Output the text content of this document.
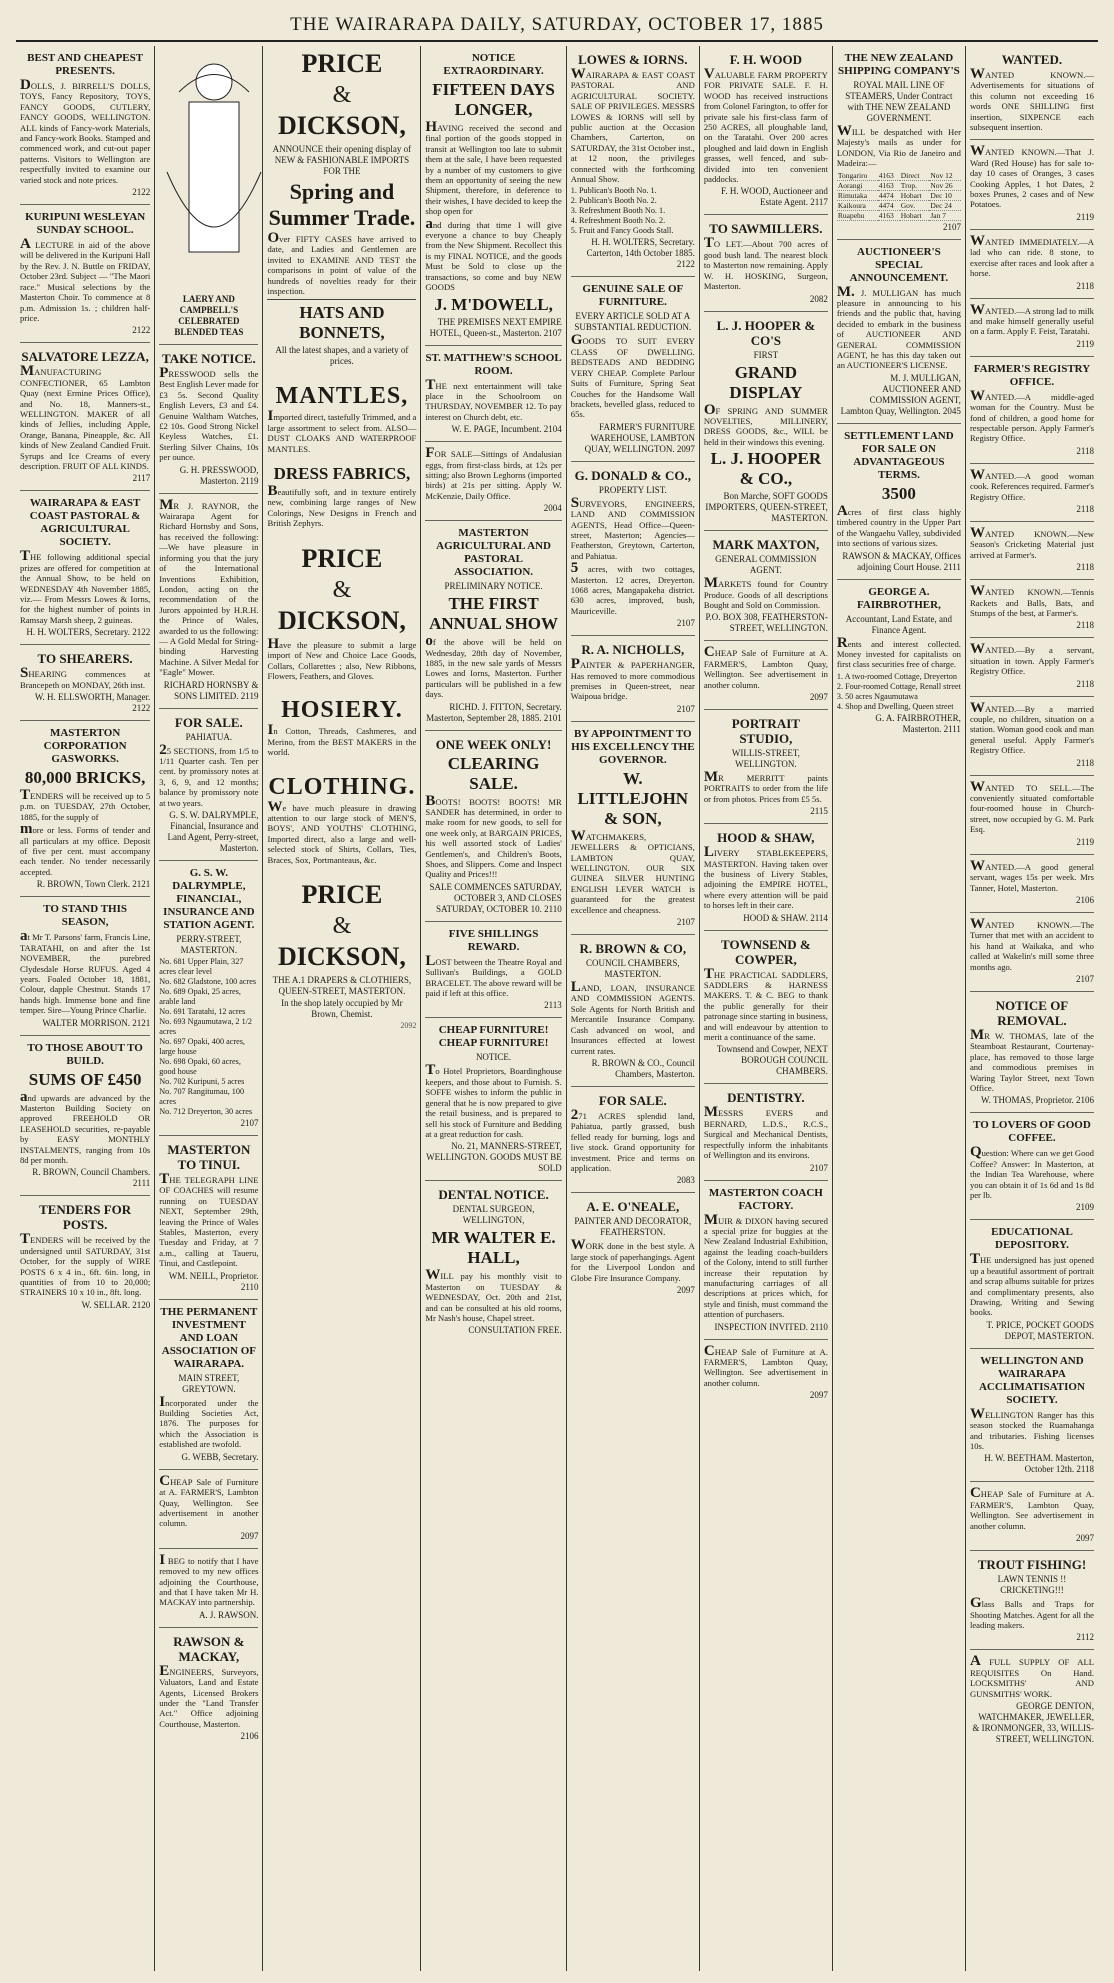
THE WAIRARAPA DAILY, SATURDAY, OCTOBER 17, 1885
BEST AND CHEAPEST PRESENTS.
DOLLS, J. BIRRELL'S DOLLS, TOYS, Fancy Repository, TOYS, FANCY GOODS, CUTLERY, FANCY GOODS, WELLINGTON. ALL kinds of Fancy-work Materials, and Fancy-work Books. Stamped and commenced work, and cut-out paper patterns. Visitors to Wellington are respectfully invited to examine our varied stock and note prices.
2122
KURIPUNI WESLEYAN SUNDAY SCHOOL.
A LECTURE in aid of the above will be delivered in the Kuripuni Hall by the Rev. J. N. Buttle on FRIDAY, October 23rd. Subject — "The Maori race." Musical selections by the Masterton Choir. To commence at 8 p.m. Admission 1s. ; children half-price.
2122
SALVATORE LEZZA,
MANUFACTURING CONFECTIONER, 65 Lambton Quay (next Ermine Prices Office), and No. 18, Manners-st., WELLINGTON. MAKER of all kinds of Jellies, including Apple, Orange, Banana, Pineapple, &c. All kinds of New Zealand Candied Fruit. Syrups and Ice Creams of every description. FRUIT OF ALL KINDS.
2117
WAIRARAPA & EAST COAST PASTORAL & AGRICULTURAL SOCIETY.
THE following additional special prizes are offered for competition at the Annual Show, to be held on WEDNESDAY 4th November 1885, viz.— From Messrs Lowes & Iorns, for the highest number of points in Ramsay Marsh sheep, 2 guineas.
H. H. WOLTERS, Secretary. 2122
TO SHEARERS.
SHEARING commences at Brancepeth on MONDAY, 26th inst.
W. H. ELLSWORTH, Manager. 2122
MASTERTON CORPORATION GASWORKS.
80,000 BRICKS,
TENDERS will be received up to 5 p.m. on TUESDAY, 27th October, 1885, for the supply of
more or less. Forms of tender and all particulars at my office. Deposit of five per cent. must accompany each tender. No tender necessarily accepted.
R. BROWN, Town Clerk. 2121
TO STAND THIS SEASON,
at Mr T. Parsons' farm, Francis Line, TARATAHI, on and after the 1st NOVEMBER, the purebred Clydesdale Horse RUFUS. Aged 4 years. Foaled October 18, 1881, Colour, dapple Chestnut. Stands 17 hands high. Immense bone and fine temper. Sire—Young Prince Charlie.
WALTER MORRISON. 2121
TO THOSE ABOUT TO BUILD.
SUMS OF £450
and upwards are advanced by the Masterton Building Society on approved FREEHOLD OR LEASEHOLD securities, re-payable by EASY MONTHLY INSTALMENTS, ranging from 10s 8d per month.
R. BROWN, Council Chambers. 2111
TENDERS FOR POSTS.
TENDERS will be received by the undersigned until SATURDAY, 31st October, for the supply of WIRE POSTS 6 x 4 in., 6ft. 6in. long, in quantities of from 10 to 20,000; STRAINERS 10 x 10 in., 8ft. long.
W. SELLAR. 2120
LAERY AND CAMPBELL'S CELEBRATED BLENDED TEAS
TAKE NOTICE.
PRESSWOOD sells the Best English Lever made for £3 5s. Second Quality English Levers, £3 and £4. Genuine Waltham Watches, £2 10s. Good Strong Nickel Keyless Watches, £1. Sterling Silver Chains, 10s per ounce.
G. H. PRESSWOOD, Masterton. 2119
MR J. RAYNOR, the Wairarapa Agent for Richard Hornsby and Sons, has received the following:—We have pleasure in informing you that the jury of the International Inventions Exhibition, London, acting on the recommendation of the Jurors appointed by H.R.H. the Prince of Wales, awarded to us the following:— A Gold Medal for String-binding Harvesting Machine. A Silver Medal for "Eagle" Mower.
RICHARD HORNSBY & SONS LIMITED. 2119
FOR SALE.
PAHIATUA.
25 SECTIONS, from 1/5 to 1/11 Quarter cash. Ten per cent. by promissory notes at 3, 6, 9, and 12 months; balance by promissory note at two years.
G. S. W. DALRYMPLE, Financial, Insurance and Land Agent, Perry-street, Masterton.
G. S. W. DALRYMPLE, FINANCIAL, INSURANCE AND STATION AGENT.
PERRY-STREET, MASTERTON.
No. 681 Upper Plain, 327 acres clear level
No. 682 Gladstone, 100 acres
No. 689 Opaki, 25 acres, arable land
No. 691 Taratahi, 12 acres
No. 693 Ngaumutawa, 2 1/2 acres
No. 697 Opaki, 400 acres, large house
No. 698 Opaki, 60 acres, good house
No. 702 Kuripuni, 5 acres
No. 707 Rangitumau, 100 acres
No. 712 Dreyerton, 30 acres
2107
MASTERTON TO TINUI.
THE TELEGRAPH LINE OF COACHES will resume running on TUESDAY NEXT, September 29th, leaving the Prince of Wales Stables, Masterton, every Tuesday and Friday, at 7 a.m., calling at Taueru, Tinui, and Castlepoint.
WM. NEILL, Proprietor. 2110
THE PERMANENT INVESTMENT AND LOAN ASSOCIATION OF WAIRARAPA.
MAIN STREET, GREYTOWN.
Incorporated under the Building Societies Act, 1876. The purposes for which the Association is established are twofold.
G. WEBB, Secretary.
CHEAP Sale of Furniture at A. FARMER'S, Lambton Quay, Wellington. See advertisement in another column.
2097
I BEG to notify that I have removed to my new offices adjoining the Courthouse, and that I have taken Mr H. MACKAY into partnership.
A. J. RAWSON.
RAWSON & MACKAY,
ENGINEERS, Surveyors, Valuators, Land and Estate Agents, Licensed Brokers under the "Land Transfer Act." Office adjoining Courthouse, Masterton.
2106
PRICE
&
DICKSON,
ANNOUNCE their opening display of NEW & FASHIONABLE IMPORTS FOR THE
Spring and Summer Trade.
Over FIFTY CASES have arrived to date, and Ladies and Gentlemen are invited to EXAMINE AND TEST the comparisons in point of value of the hundreds of novelties ready for their inspection.
HATS AND BONNETS,
All the latest shapes, and a variety of prices.
MANTLES,
Imported direct, tastefully Trimmed, and a large assortment to select from. ALSO— DUST CLOAKS AND WATERPROOF MANTLES.
DRESS FABRICS,
Beautifully soft, and in texture entirely new, combining large ranges of New Colorings, New Designs in French and British Zephyrs.
PRICE
&
DICKSON,
Have the pleasure to submit a large import of New and Choice Lace Goods, Collars, Collarettes ; also, New Ribbons, Flowers, Feathers, and Gloves.
HOSIERY.
In Cotton, Threads, Cashmeres, and Merino, from the BEST MAKERS in the world.
CLOTHING.
We have much pleasure in drawing attention to our large stock of MEN'S, BOYS', AND YOUTHS' CLOTHING, Imported direct, also a large and well-selected stock of Shirts, Collars, Ties, Braces, Sox, Portmanteaus, &c.
PRICE
&
DICKSON,
THE A.1 DRAPERS & CLOTHIERS, QUEEN-STREET, MASTERTON.
In the shop lately occupied by Mr Brown, Chemist.
2092
NOTICE EXTRAORDINARY.
FIFTEEN DAYS LONGER,
HAVING received the second and final portion of the goods stopped in transit at Wellington too late to submit them at the sale, I have been requested by a number of my customers to give them an opportunity of seeing the new Shipment, therefore, in deference to their wishes, I have decided to keep the shop open for
and during that time I will give everyone a chance to buy Cheaply from the New Shipment. Recollect this is my FINAL NOTICE, and the goods Must be Sold to close up the transactions, so come and buy NEW GOODS
J. M'DOWELL,
THE PREMISES NEXT EMPIRE HOTEL, Queen-st., Masterton. 2107
ST. MATTHEW'S SCHOOL ROOM.
THE next entertainment will take place in the Schoolroom on THURSDAY, NOVEMBER 12. To pay interest on Church debt, etc.
W. E. PAGE, Incumbent. 2104
FOR SALE—Sittings of Andalusian eggs, from first-class birds, at 12s per sitting; also Brown Leghorns (imported birds) at 21s per sitting. Apply W. McKenzie, Daily Office.
2004
MASTERTON AGRICULTURAL AND PASTORAL ASSOCIATION.
PRELIMINARY NOTICE.
THE FIRST ANNUAL SHOW
of the above will be held on Wednesday, 28th day of November, 1885, in the new sale yards of Messrs Lowes and Iorns, Masterton. Further particulars will be published in a few days.
RICHD. J. FITTON, Secretary. Masterton, September 28, 1885. 2101
ONE WEEK ONLY!
CLEARING SALE.
BOOTS! BOOTS! BOOTS! MR SANDER has determined, in order to make room for new goods, to sell for one week only, at BARGAIN PRICES, his well assorted stock of Ladies' Gentlemen's, and Children's Boots, Shoes, and Slippers. Come and Inspect Quality and Prices!!!
SALE COMMENCES SATURDAY, OCTOBER 3, AND CLOSES SATURDAY, OCTOBER 10. 2110
FIVE SHILLINGS REWARD.
LOST between the Theatre Royal and Sullivan's Buildings, a GOLD BRACELET. The above reward will be paid if left at this office.
2113
CHEAP FURNITURE! CHEAP FURNITURE!
NOTICE.
To Hotel Proprietors, Boardinghouse keepers, and those about to Furnish. S. SOFFE wishes to inform the public in general that he is now prepared to give the retail business, and is prepared to sell his stock of Furniture and Bedding at a great reduction for cash.
No. 21, MANNERS-STREET, WELLINGTON. GOODS MUST BE SOLD
DENTAL NOTICE.
DENTAL SURGEON, WELLINGTON,
MR WALTER E. HALL,
WILL pay his monthly visit to Masterton on TUESDAY & WEDNESDAY, Oct. 20th and 21st, and can be consulted at his old rooms, Mr Nash's house, Chapel street.
CONSULTATION FREE.
LOWES & IORNS.
WAIRARAPA & EAST COAST PASTORAL AND AGRICULTURAL SOCIETY. SALE OF PRIVILEGES. MESSRS LOWES & IORNS will sell by public auction at the Occasion Chambers, Carterton, on SATURDAY, the 31st October inst., at 12 noon, the privileges connected with the forthcoming Annual Show.
1. Publican's Booth No. 1.
2. Publican's Booth No. 2.
3. Refreshment Booth No. 1.
4. Refreshment Booth No. 2.
5. Fruit and Fancy Goods Stall.
H. H. WOLTERS, Secretary. Carterton, 14th October 1885. 2122
GENUINE SALE OF FURNITURE.
EVERY ARTICLE SOLD AT A SUBSTANTIAL REDUCTION.
GOODS TO SUIT EVERY CLASS OF DWELLING. BEDSTEADS AND BEDDING VERY CHEAP. Complete Parlour Suits of Furniture, Spring Seat Couches for the Handsome Wall brackets, bevelled glass, reduced to 65s.
FARMER'S FURNITURE WAREHOUSE, LAMBTON QUAY, WELLINGTON. 2097
G. DONALD & CO.,
PROPERTY LIST.
SURVEYORS, ENGINEERS, LAND AND COMMISSION AGENTS, Head Office—Queen-street, Masterton; Agencies—Featherston, Greytown, Carterton, and Pahiatua.
5 acres, with two cottages, Masterton. 12 acres, Dreyerton. 1068 acres, Mangapakeha district. 630 acres, improved, bush, Mauriceville.
2107
R. A. NICHOLLS,
PAINTER & PAPERHANGER, Has removed to more commodious premises in Queen-street, near Waipoua bridge.
2107
BY APPOINTMENT TO HIS EXCELLENCY THE GOVERNOR.
W. LITTLEJOHN & SON,
WATCHMAKERS, JEWELLERS & OPTICIANS, LAMBTON QUAY, WELLINGTON. OUR SIX GUINEA SILVER HUNTING ENGLISH LEVER WATCH is guaranteed for the greatest excellence and cheapness.
2107
R. BROWN & CO,
COUNCIL CHAMBERS, MASTERTON.
LAND, LOAN, INSURANCE AND COMMISSION AGENTS. Sole Agents for North British and Mercantile Insurance Company. Cash advanced on wool, and Insurances effected at lowest current rates.
R. BROWN & CO., Council Chambers, Masterton.
FOR SALE.
271 ACRES splendid land, Pahiatua, partly grassed, bush felled ready for burning, logs and live stock. Grand opportunity for investment. Price and terms on application.
2083
A. E. O'NEALE,
PAINTER AND DECORATOR, FEATHERSTON.
WORK done in the best style. A large stock of paperhangings. Agent for the Liverpool London and Globe Fire Insurance Company.
2097
F. H. WOOD
VALUABLE FARM PROPERTY FOR PRIVATE SALE. F. H. WOOD has received instructions from Colonel Farington, to offer for private sale his first-class farm of 250 ACRES, all ploughable land, on the Taratahi. Over 200 acres ploughed and laid down in English grasses, well fenced, and sub-divided into ten convenient paddocks.
F. H. WOOD, Auctioneer and Estate Agent. 2117
TO SAWMILLERS.
TO LET.—About 700 acres of good bush land. The nearest block to Masterton now remaining. Apply W. H. HOSKING, Surgeon, Masterton.
2082
L. J. HOOPER & CO'S
FIRST
GRAND DISPLAY
OF SPRING AND SUMMER NOVELTIES, MILLINERY, DRESS GOODS, &c., WILL be held in their windows this evening.
L. J. HOOPER & CO.,
Bon Marche, SOFT GOODS IMPORTERS, QUEEN-STREET, MASTERTON.
MARK MAXTON,
GENERAL COMMISSION AGENT.
MARKETS found for Country Produce. Goods of all descriptions Bought and Sold on Commission.
P.O. BOX 308, FEATHERSTON-STREET, WELLINGTON.
CHEAP Sale of Furniture at A. FARMER'S, Lambton Quay, Wellington. See advertisement in another column.
2097
PORTRAIT STUDIO,
WILLIS-STREET, WELLINGTON.
MR MERRITT paints PORTRAITS to order from the life or from photos. Prices from £5 5s.
2115
HOOD & SHAW,
LIVERY STABLEKEEPERS, MASTERTON. Having taken over the business of Livery Stables, adjoining the EMPIRE HOTEL, where every attention will be paid to horses left in their care.
HOOD & SHAW. 2114
TOWNSEND & COWPER,
THE PRACTICAL SADDLERS, SADDLERS & HARNESS MAKERS. T. & C. BEG to thank the public generally for their patronage since starting in business, and will endeavour by attention to merit a continuance of the same.
Townsend and Cowper, NEXT BOROUGH COUNCIL CHAMBERS.
DENTISTRY.
MESSRS EVERS and BERNARD, L.D.S., R.C.S., Surgical and Mechanical Dentists, respectfully inform the inhabitants of Wellington and its environs.
2107
MASTERTON COACH FACTORY.
MUIR & DIXON having secured a special prize for buggies at the New Zealand Industrial Exhibition, against the leading coach-builders of the Colony, intend to still further increase their reputation by manufacturing carriages of all descriptions at prices which, for style and finish, must command the attention of purchasers.
INSPECTION INVITED. 2110
CHEAP Sale of Furniture at A. FARMER'S, Lambton Quay, Wellington. See advertisement in another column.
2097
THE NEW ZEALAND SHIPPING COMPANY'S
ROYAL MAIL LINE OF STEAMERS, Under Contract with THE NEW ZEALAND GOVERNMENT.
WILL be despatched with Her Majesty's mails as under for LONDON, Via Rio de Janeiro and Madeira:—
Tongariro	4163	Direct	Nov 12
Aorangi	4163	Trop.	Nov 26
Rimutaka	4474	Hobart	Dec 10
Kaikoura	4474	Gov.	Dec 24
Ruapehu	4163	Hobart	Jan 7
2107
AUCTIONEER'S SPECIAL ANNOUNCEMENT.
M. J. MULLIGAN has much pleasure in announcing to his friends and the public that, having decided to embark in the business of AUCTIONEER AND GENERAL COMMISSION AGENT, he has this day taken out an AUCTIONEER'S LICENSE.
M. J. MULLIGAN, AUCTIONEER AND COMMISSION AGENT, Lambton Quay, Wellington. 2045
SETTLEMENT LAND FOR SALE ON ADVANTAGEOUS TERMS.
3500
Acres of first class highly timbered country in the Upper Part of the Wangaehu Valley, subdivided into sections of various sizes.
RAWSON & MACKAY, Offices adjoining Court House. 2111
GEORGE A. FAIRBROTHER,
Accountant, Land Estate, and Finance Agent.
Rents and interest collected. Money invested for capitalists on first class securities free of charge.
1. A two-roomed Cottage, Dreyerton
2. Four-roomed Cottage, Renall street
3. 50 acres Ngaumutawa
4. Shop and Dwelling, Queen street
G. A. FAIRBROTHER, Masterton. 2111
WANTED.
WANTED KNOWN.—Advertisements for situations of this column not exceeding 16 words ONE SHILLING first insertion, SIXPENCE each subsequent insertion.
WANTED KNOWN.—That J. Ward (Red House) has for sale to-day 10 cases of Oranges, 3 cases Cooking Apples, 1 hot Dates, 2 boxes Prunes, 2 cases and of New Potatoes.
2119
WANTED IMMEDIATELY.—A lad who can ride. 8 stone, to exercise after races and look after a horse.
2118
WANTED.—A strong lad to milk and make himself generally useful on a farm. Apply F. Feist, Taratahi.
2119
FARMER'S REGISTRY OFFICE.
WANTED.—A middle-aged woman for the Country. Must be fond of children, a good home for respectable person. Apply Farmer's Registry Office.
2118
WANTED.—A good woman cook. References required. Farmer's Registry Office.
2118
WANTED KNOWN.—New Season's Cricketing Material just arrived at Farmer's.
2118
WANTED KNOWN.—Tennis Rackets and Balls, Bats, and Stumps of the best, at Farmer's.
2118
WANTED.—By a servant, situation in town. Apply Farmer's Registry Office.
2118
WANTED.—By a married couple, no children, situation on a station. Woman good cook and man general useful. Apply Farmer's Registry Office.
2118
WANTED TO SELL.—The conveniently situated comfortable four-roomed house in Church-street, now occupied by G. M. Park Esq.
2119
WANTED.—A good general servant, wages 15s per week. Mrs Tanner, Hotel, Masterton.
2106
WANTED KNOWN.—The Turner that met with an accident to his hand at Waikaka, and who called at Wakelin's mill some three months ago.
2107
NOTICE OF REMOVAL.
MR W. THOMAS, late of the Steamboat Restaurant, Courtenay-place, has removed to those large and commodious premises in Waring Taylor Street, next Town Office.
W. THOMAS, Proprietor. 2106
TO LOVERS OF GOOD COFFEE.
Question: Where can we get Good Coffee? Answer: In Masterton, at the Indian Tea Warehouse, where you can obtain it of 1s 6d and 1s 8d per lb.
2109
EDUCATIONAL DEPOSITORY.
THE undersigned has just opened up a beautiful assortment of portrait and scrap albums suitable for prizes and complimentary presents, also Drawing, Writing and Sewing books.
T. PRICE, POCKET GOODS DEPOT, MASTERTON.
WELLINGTON AND WAIRARAPA ACCLIMATISATION SOCIETY.
WELLINGTON Ranger has this season stocked the Ruamahanga and tributaries. Fishing licenses 10s.
H. W. BEETHAM. Masterton, October 12th. 2118
CHEAP Sale of Furniture at A. FARMER'S, Lambton Quay, Wellington. See advertisement in another column.
2097
TROUT FISHING!
LAWN TENNIS !! CRICKETING!!!
Glass Balls and Traps for Shooting Matches. Agent for all the leading makers.
2112
A FULL SUPPLY OF ALL REQUISITES On Hand. LOCKSMITHS' AND GUNSMITHS' WORK.
GEORGE DENTON, WATCHMAKER, JEWELLER, & IRONMONGER, 33, WILLIS-STREET, WELLINGTON.
